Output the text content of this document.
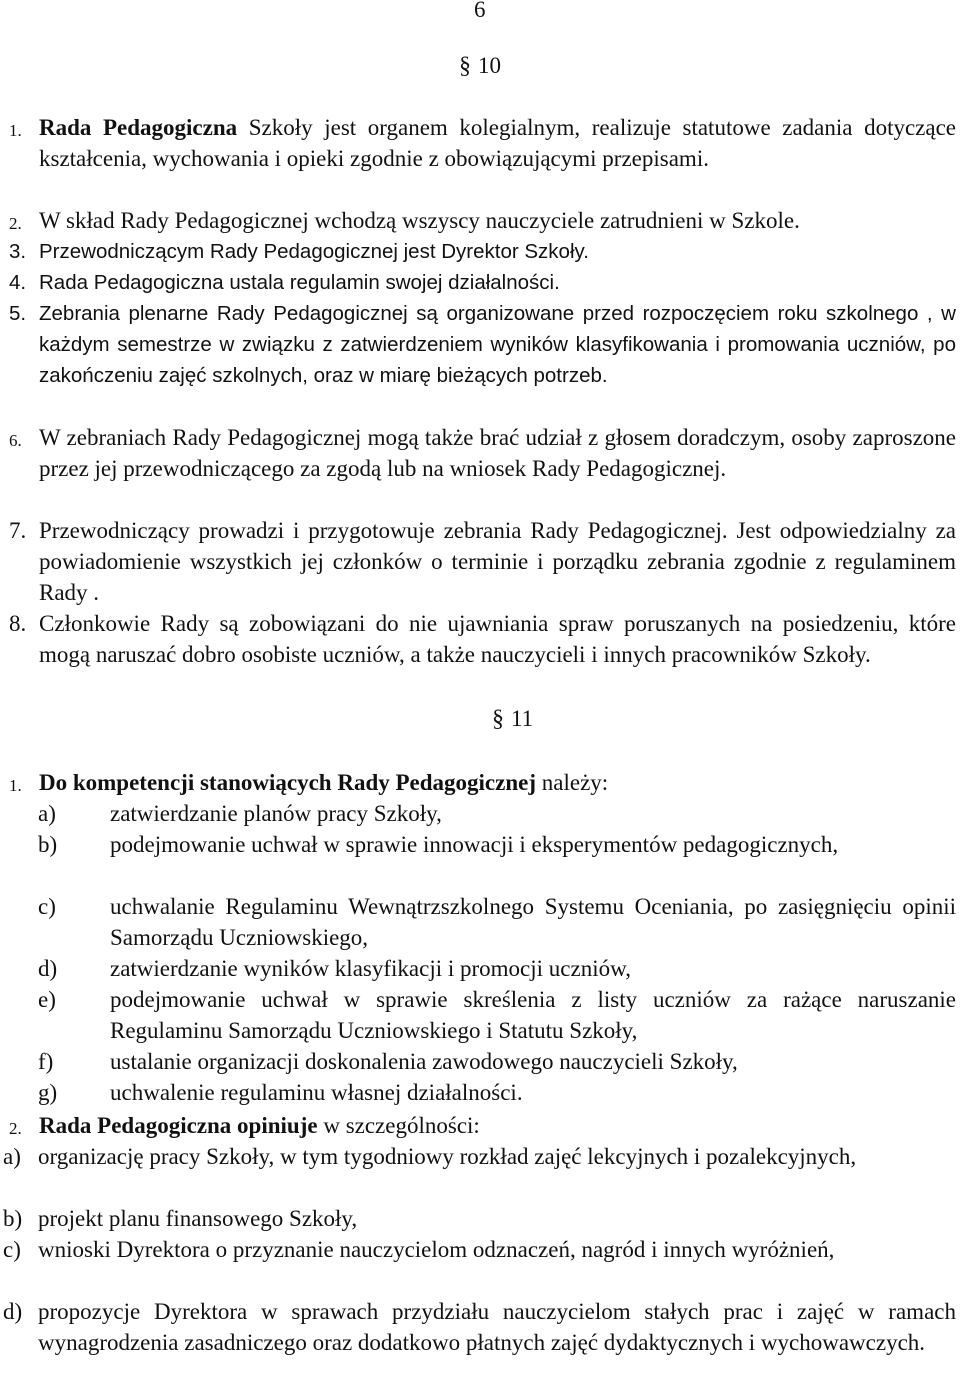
6
§ 10
1. Rada Pedagogiczna Szkoły jest organem kolegialnym, realizuje statutowe zadania dotyczące kształcenia, wychowania i opieki zgodnie z obowiązującymi przepisami.
2. W skład Rady Pedagogicznej wchodzą wszyscy nauczyciele zatrudnieni w Szkole.
3. Przewodniczącym Rady Pedagogicznej jest Dyrektor Szkoły.
4. Rada Pedagogiczna ustala regulamin swojej działalności.
5. Zebrania plenarne Rady Pedagogicznej są organizowane przed rozpoczęciem roku szkolnego , w każdym semestrze w związku z zatwierdzeniem wyników klasyfikowania i promowania uczniów, po zakończeniu zajęć szkolnych, oraz w miarę bieżących potrzeb.
6. W zebraniach Rady Pedagogicznej mogą także brać udział z głosem doradczym, osoby zaproszone przez jej przewodniczącego za zgodą lub na wniosek Rady Pedagogicznej.
7. Przewodniczący prowadzi i przygotowuje zebrania Rady Pedagogicznej. Jest odpowiedzialny za powiadomienie wszystkich jej członków o terminie i porządku zebrania zgodnie z regulaminem Rady .
8. Członkowie Rady są zobowiązani do nie ujawniania spraw poruszanych na posiedzeniu, które mogą naruszać dobro osobiste uczniów, a także nauczycieli i innych pracowników Szkoły.
§ 11
1. Do kompetencji stanowiących Rady Pedagogicznej należy:
a) zatwierdzanie planów pracy Szkoły,
b) podejmowanie uchwał w sprawie innowacji i eksperymentów pedagogicznych,
c) uchwalanie Regulaminu Wewnątrzszkolnego Systemu Oceniania, po zasięgnięciu opinii Samorządu Uczniowskiego,
d) zatwierdzanie wyników klasyfikacji i promocji uczniów,
e) podejmowanie uchwał w sprawie skreślenia z listy uczniów za rażące naruszanie Regulaminu Samorządu Uczniowskiego i Statutu Szkoły,
f) ustalanie organizacji doskonalenia zawodowego nauczycieli Szkoły,
g) uchwalenie regulaminu własnej działalności.
2. Rada Pedagogiczna opiniuje w szczególności:
a) organizację pracy Szkoły, w tym tygodniowy rozkład zajęć lekcyjnych i pozalekcyjnych,
b) projekt planu finansowego Szkoły,
c) wnioski Dyrektora o przyznanie nauczycielom odznaczeń, nagród i innych wyróżnień,
d) propozycje Dyrektora w sprawach przydziału nauczycielom stałych prac i zajęć w ramach wynagrodzenia zasadniczego oraz dodatkowo płatnych zajęć dydaktycznych i wychowawczych.
